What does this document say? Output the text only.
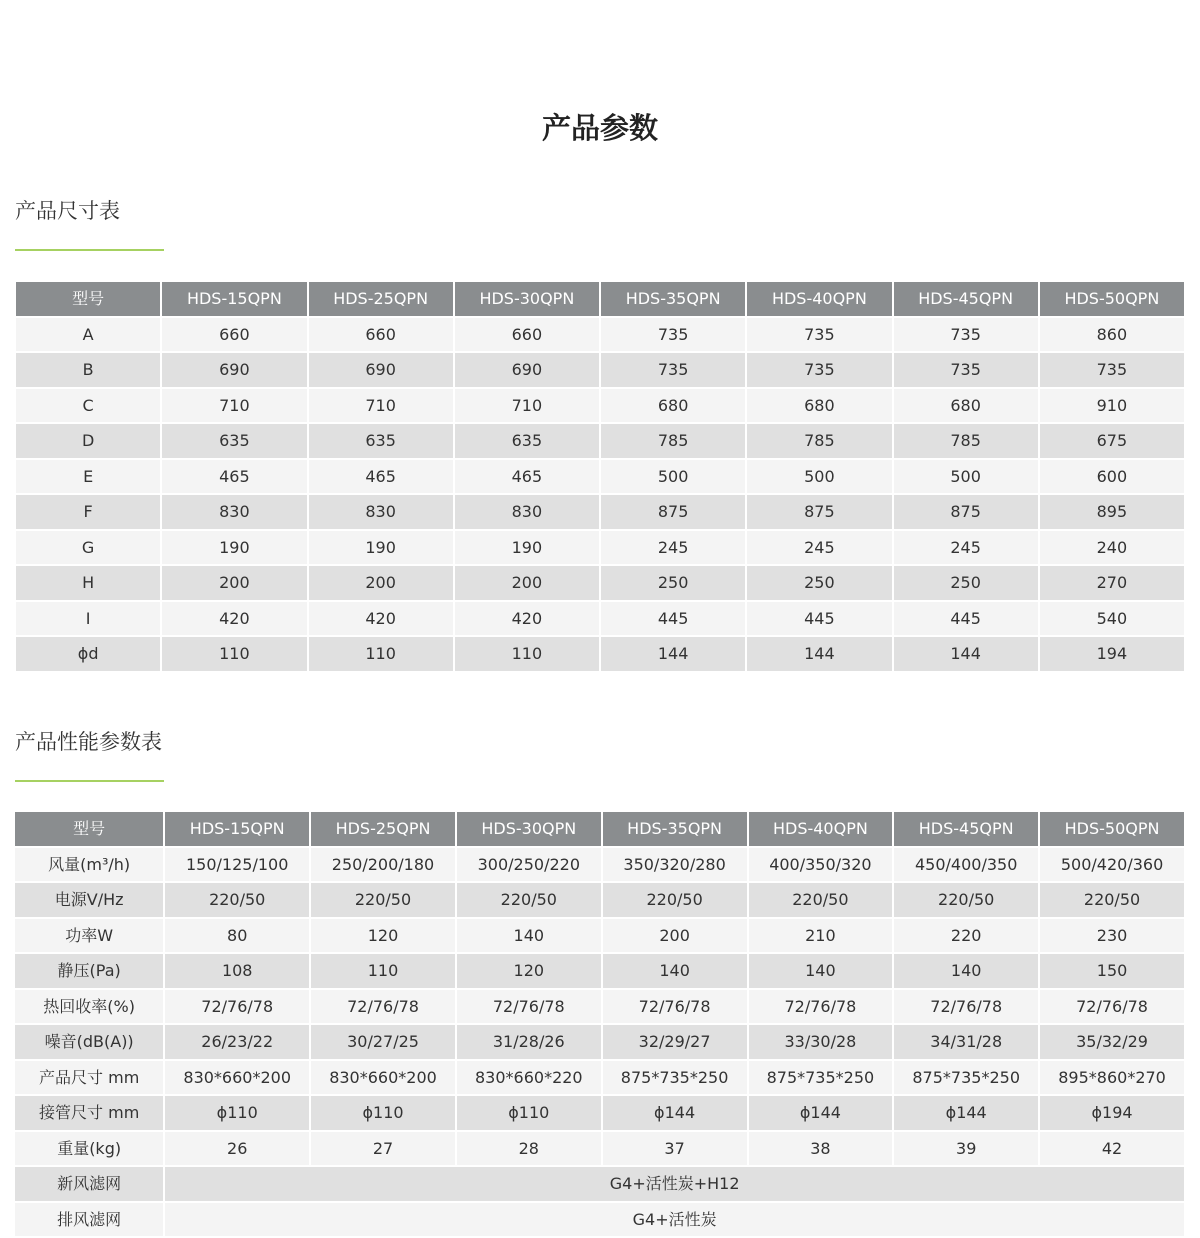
产品参数
产品尺寸表
型号	HDS-15QPN	HDS-25QPN	HDS-30QPN	HDS-35QPN	HDS-40QPN	HDS-45QPN	HDS-50QPN
A	660	660	660	735	735	735	860
B	690	690	690	735	735	735	735
C	710	710	710	680	680	680	910
D	635	635	635	785	785	785	675
E	465	465	465	500	500	500	600
F	830	830	830	875	875	875	895
G	190	190	190	245	245	245	240
H	200	200	200	250	250	250	270
I	420	420	420	445	445	445	540
ϕd	110	110	110	144	144	144	194
产品性能参数表
型号	HDS-15QPN	HDS-25QPN	HDS-30QPN	HDS-35QPN	HDS-40QPN	HDS-45QPN	HDS-50QPN
风量(m³/h)	150/125/100	250/200/180	300/250/220	350/320/280	400/350/320	450/400/350	500/420/360
电源V/Hz	220/50	220/50	220/50	220/50	220/50	220/50	220/50
功率W	80	120	140	200	210	220	230
静压(Pa)	108	110	120	140	140	140	150
热回收率(%)	72/76/78	72/76/78	72/76/78	72/76/78	72/76/78	72/76/78	72/76/78
噪音(dB(A))	26/23/22	30/27/25	31/28/26	32/29/27	33/30/28	34/31/28	35/32/29
产品尺寸 mm	830*660*200	830*660*200	830*660*220	875*735*250	875*735*250	875*735*250	895*860*270
接管尺寸 mm	ϕ110	ϕ110	ϕ110	ϕ144	ϕ144	ϕ144	ϕ194
重量(kg)	26	27	28	37	38	39	42
新风滤网	G4+活性炭+H12						
排风滤网	G4+活性炭						
